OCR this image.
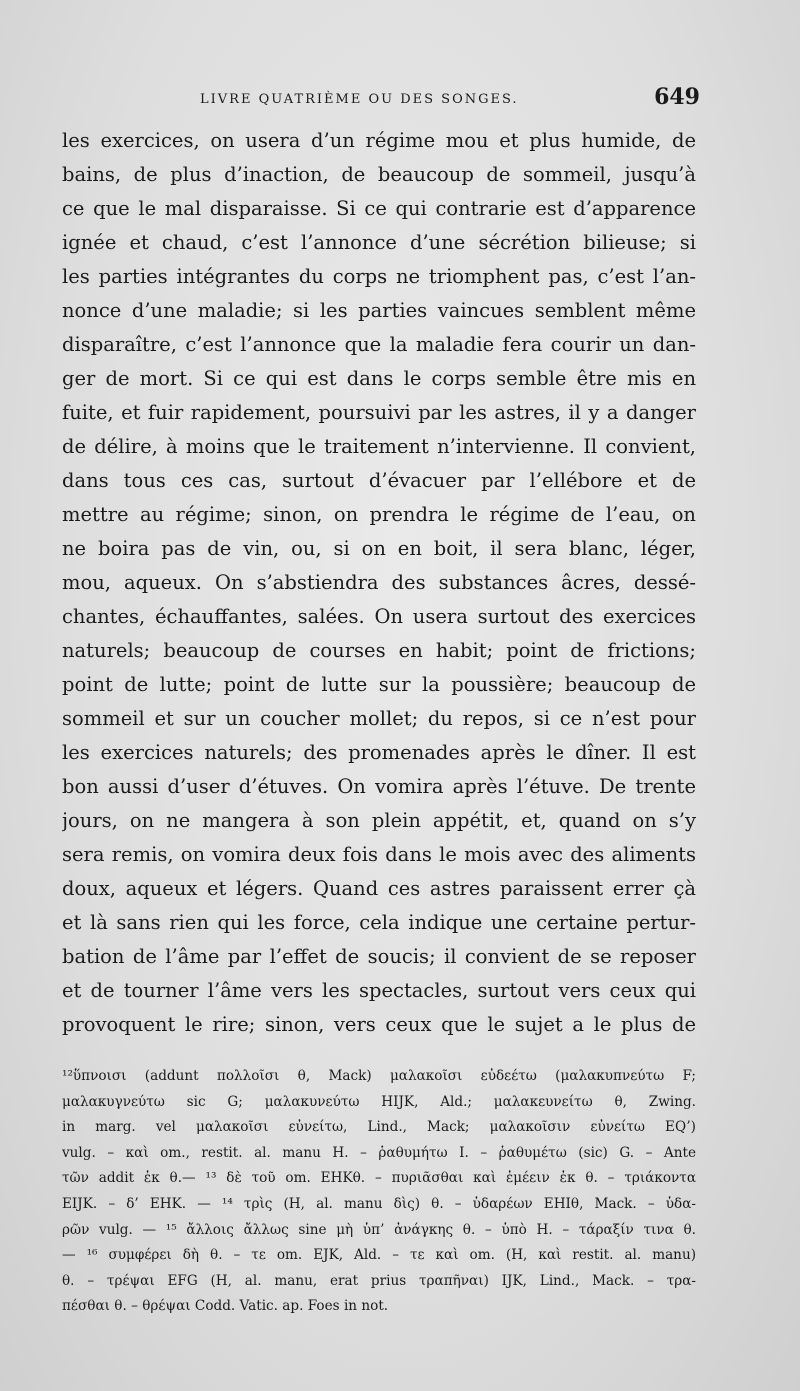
LIVRE QUATRIÈME OU DES SONGES.	649
les exercices, on usera d’un régime mou et plus humide, de
bains, de plus d’inaction, de beaucoup de sommeil, jusqu’à
ce que le mal disparaisse. Si ce qui contrarie est d’apparence
ignée et chaud, c’est l’annonce d’une sécrétion bilieuse; si
les parties intégrantes du corps ne triomphent pas, c’est l’an-
nonce d’une maladie; si les parties vaincues semblent même
disparaître, c’est l’annonce que la maladie fera courir un dan-
ger de mort. Si ce qui est dans le corps semble être mis en
fuite, et fuir rapidement, poursuivi par les astres, il y a danger
de délire, à moins que le traitement n’intervienne. Il convient,
dans tous ces cas, surtout d’évacuer par l’ellébore et de
mettre au régime; sinon, on prendra le régime de l’eau, on
ne boira pas de vin, ou, si on en boit, il sera blanc, léger,
mou, aqueux. On s’abstiendra des substances âcres, dessé-
chantes, échauffantes, salées. On usera surtout des exercices
naturels; beaucoup de courses en habit; point de frictions;
point de lutte; point de lutte sur la poussière; beaucoup de
sommeil et sur un coucher mollet; du repos, si ce n’est pour
les exercices naturels; des promenades après le dîner. Il est
bon aussi d’user d’étuves. On vomira après l’étuve. De trente
jours, on ne mangera à son plein appétit, et, quand on s’y
sera remis, on vomira deux fois dans le mois avec des aliments
doux, aqueux et légers. Quand ces astres paraissent errer çà
et là sans rien qui les force, cela indique une certaine pertur-
bation de l’âme par l’effet de soucis; il convient de se reposer
et de tourner l’âme vers les spectacles, surtout vers ceux qui
provoquent le rire; sinon, vers ceux que le sujet a le plus de
¹²ὕπνοισι (addunt πολλοῖσι θ, Mack) μαλακοῖσι εὐδεέτω (μαλακυπνεύτω F;
μαλακυγνεύτω sic G; μαλακυνεύτω HIJK, Ald.; μαλακευνείτω θ, Zwing.
in marg. vel μαλακοῖσι εὐνείτω, Lind., Mack; μαλακοῖσιν εὐνείτω EQ’)
vulg. – καὶ om., restit. al. manu H. – ῥαθυμήτω I. – ῥαθυμέτω (sic) G. – Ante
τῶν addit ἐκ θ.— ¹³ δὲ τοῦ om. EHKθ. – πυριᾶσθαι καὶ ἐμέειν ἐκ θ. – τριάκοντα
EIJK. – δ’ EHK. — ¹⁴ τρὶς (H, al. manu δὶς) θ. – ὑδαρέων EHIθ, Mack. – ὑδα-
ρῶν vulg. — ¹⁵ ἄλλοις ἄλλως sine μὴ ὑπ’ ἀνάγκης θ. – ὑπὸ H. – τάραξίν τινα θ.
— ¹⁶ συμφέρει δὴ θ. – τε om. EJK, Ald. – τε καὶ om. (H, καὶ restit. al. manu)
θ. – τρέψαι EFG (H, al. manu, erat prius τραπῆναι) IJK, Lind., Mack. – τρα-
πέσθαι θ. – θρέψαι Codd. Vatic. ap. Foes in not.
